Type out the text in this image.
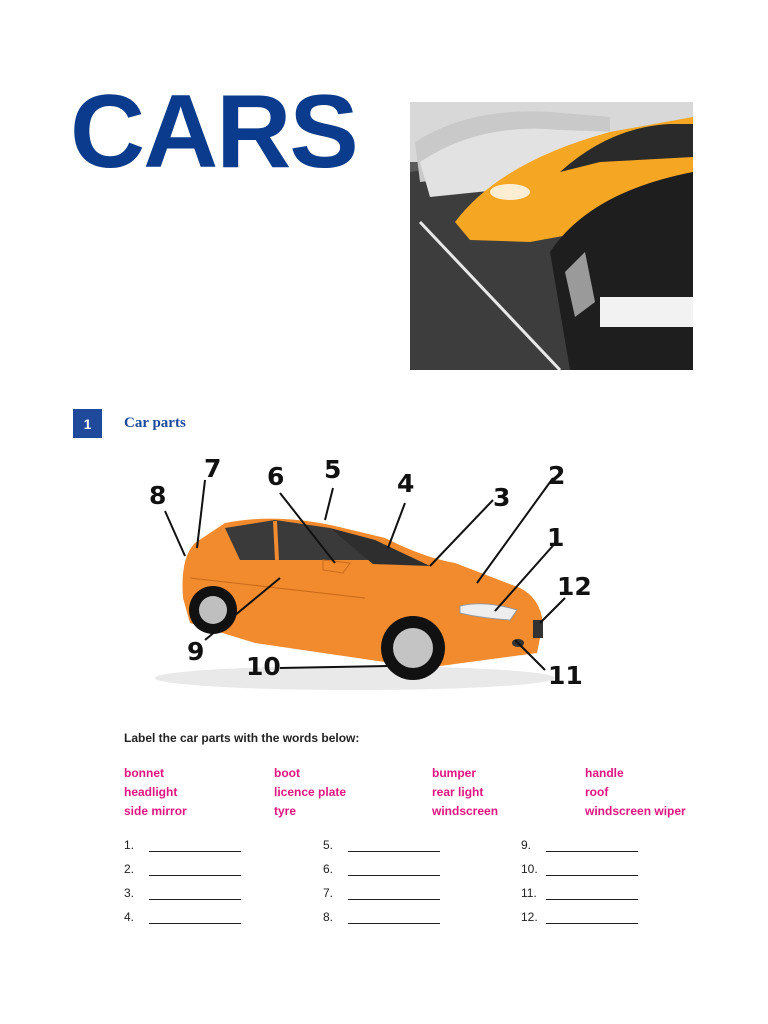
CARS
1	Car parts
1
2
3
4
5
6
7
8
9
10	11
12
Label the car parts with the words below:
bonnet	boot	bumper	handle
headlight	licence plate	rear light	roof
side mirror	tyre	windscreen	windscreen wiper
1.
2.
3.
4.
5.
6.
7.
8.
9.
10.
11.
12.
